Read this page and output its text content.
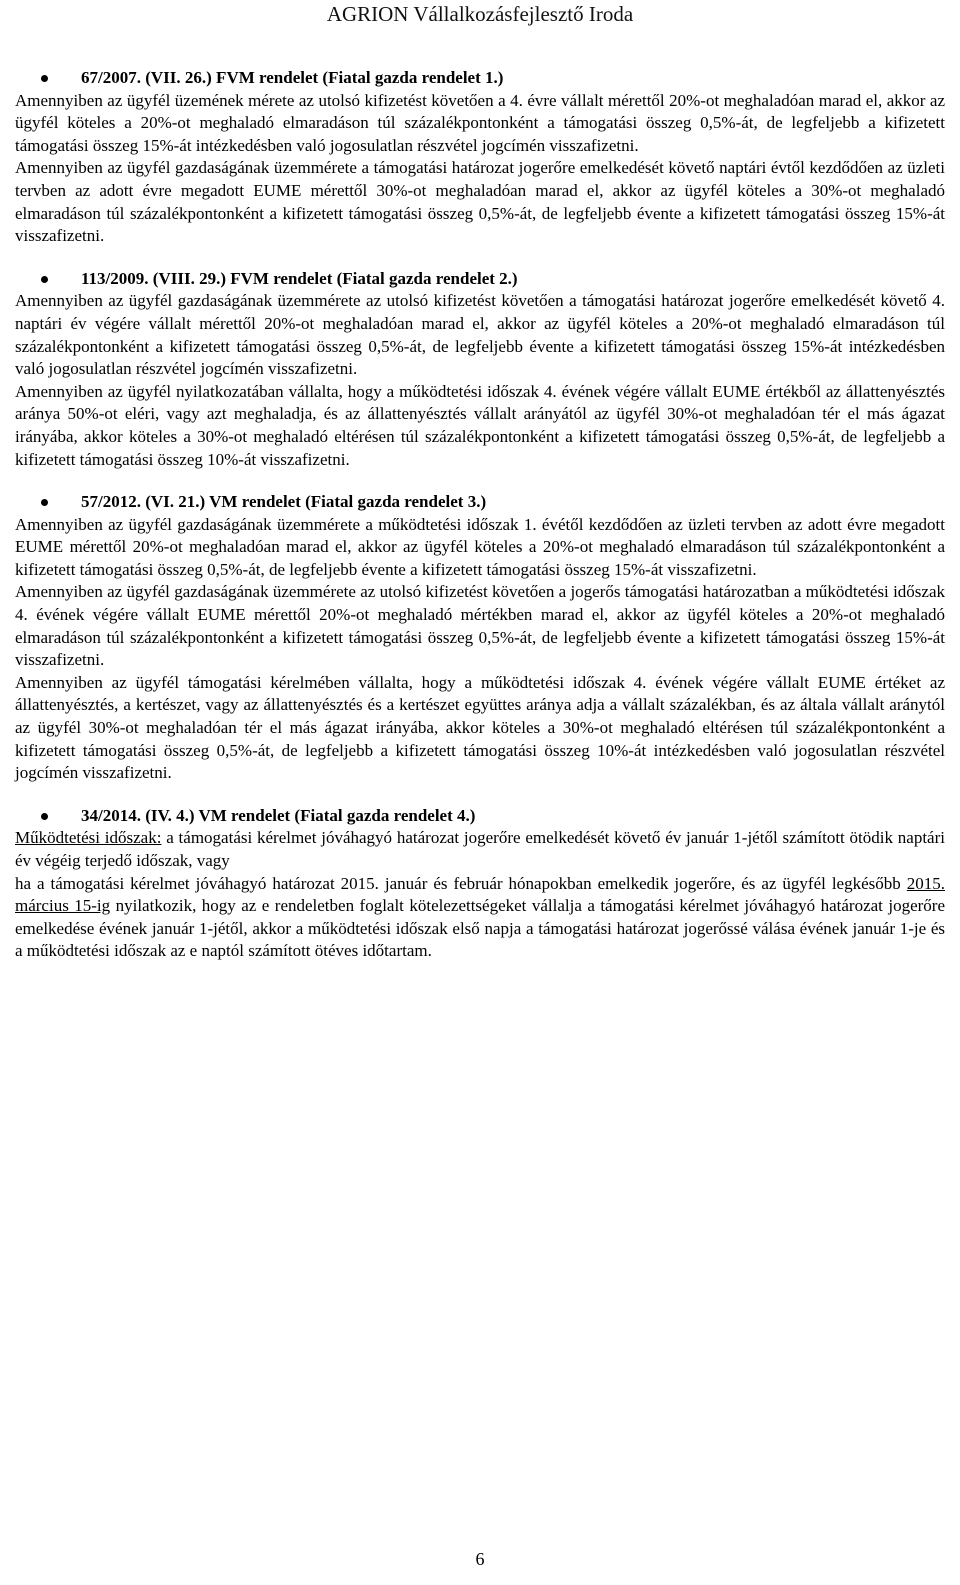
AGRION Vállalkozásfejlesztő Iroda

67/2007. (VII. 26.) FVM rendelet (Fiatal gazda rendelet 1.)

Amennyiben az ügyfél üzemének mérete az utolsó kifizetést követően a 4. évre vállalt mérettől 20%-ot meghaladóan marad el, akkor az ügyfél köteles a 20%-ot meghaladó elmaradáson túl százalékpontonként a támogatási összeg 0,5%-át, de legfeljebb a kifizetett támogatási összeg 15%-át intézkedésben való jogosulatlan részvétel jogcímén visszafizetni.

Amennyiben az ügyfél gazdaságának üzemmérete a támogatási határozat jogerőre emelkedését követő naptári évtől kezdődően az üzleti tervben az adott évre megadott EUME mérettől 30%-ot meghaladóan marad el, akkor az ügyfél köteles a 30%-ot meghaladó elmaradáson túl százalékpontonként a kifizetett támogatási összeg 0,5%-át, de legfeljebb évente a kifizetett támogatási összeg 15%-át visszafizetni.

113/2009. (VIII. 29.) FVM rendelet (Fiatal gazda rendelet 2.)

Amennyiben az ügyfél gazdaságának üzemmérete az utolsó kifizetést követően a támogatási határozat jogerőre emelkedését követő 4. naptári év végére vállalt mérettől 20%-ot meghaladóan marad el, akkor az ügyfél köteles a 20%-ot meghaladó elmaradáson túl százalékpontonként a kifizetett támogatási összeg 0,5%-át, de legfeljebb évente a kifizetett támogatási összeg 15%-át intézkedésben való jogosulatlan részvétel jogcímén visszafizetni.

Amennyiben az ügyfél nyilatkozatában vállalta, hogy a működtetési időszak 4. évének végére vállalt EUME értékből az állattenyésztés aránya 50%-ot eléri, vagy azt meghaladja, és az állattenyésztés vállalt arányától az ügyfél 30%-ot meghaladóan tér el más ágazat irányába, akkor köteles a 30%-ot meghaladó eltérésen túl százalékpontonként a kifizetett támogatási összeg 0,5%-át, de legfeljebb a kifizetett támogatási összeg 10%-át visszafizetni.

57/2012. (VI. 21.) VM rendelet (Fiatal gazda rendelet 3.)

Amennyiben az ügyfél gazdaságának üzemmérete a működtetési időszak 1. évétől kezdődően az üzleti tervben az adott évre megadott EUME mérettől 20%-ot meghaladóan marad el, akkor az ügyfél köteles a 20%-ot meghaladó elmaradáson túl százalékpontonként a kifizetett támogatási összeg 0,5%-át, de legfeljebb évente a kifizetett támogatási összeg 15%-át visszafizetni.

Amennyiben az ügyfél gazdaságának üzemmérete az utolsó kifizetést követően a jogerős támogatási határozatban a működtetési időszak 4. évének végére vállalt EUME mérettől 20%-ot meghaladó mértékben marad el, akkor az ügyfél köteles a 20%-ot meghaladó elmaradáson túl százalékpontonként a kifizetett támogatási összeg 0,5%-át, de legfeljebb évente a kifizetett támogatási összeg 15%-át visszafizetni.

Amennyiben az ügyfél támogatási kérelmében vállalta, hogy a működtetési időszak 4. évének végére vállalt EUME értéket az állattenyésztés, a kertészet, vagy az állattenyésztés és a kertészet együttes aránya adja a vállalt százalékban, és az általa vállalt aránytól az ügyfél 30%-ot meghaladóan tér el más ágazat irányába, akkor köteles a 30%-ot meghaladó eltérésen túl százalékpontonként a kifizetett támogatási összeg 0,5%-át, de legfeljebb a kifizetett támogatási összeg 10%-át intézkedésben való jogosulatlan részvétel jogcímén visszafizetni.

34/2014. (IV. 4.) VM rendelet (Fiatal gazda rendelet 4.)

Működtetési időszak: a támogatási kérelmet jóváhagyó határozat jogerőre emelkedését követő év január 1-jétől számított ötödik naptári év végéig terjedő időszak, vagy

ha a támogatási kérelmet jóváhagyó határozat 2015. január és február hónapokban emelkedik jogerőre, és az ügyfél legkésőbb 2015. március 15-ig nyilatkozik, hogy az e rendeletben foglalt kötelezettségeket vállalja a támogatási kérelmet jóváhagyó határozat jogerőre emelkedése évének január 1-jétől, akkor a működtetési időszak első napja a támogatási határozat jogerőssé válása évének január 1-je és a működtetési időszak az e naptól számított ötéves időtartam.

6
